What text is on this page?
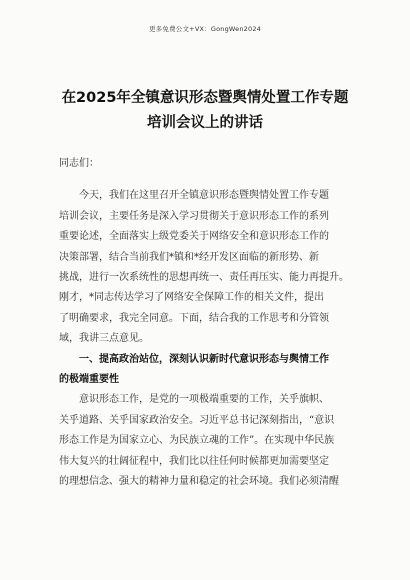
更多免费公文+VX：GongWen2024
在2025年全镇意识形态暨舆情处置工作专题
培训会议上的讲话

同志们：

今天，我们在这里召开全镇意识形态暨舆情处置工作专题
培训会议，主要任务是深入学习贯彻关于意识形态工作的系列
重要论述，全面落实上级党委关于网络安全和意识形态工作的
决策部署，结合当前我们*镇和*经开发区面临的新形势、新
挑战，进行一次系统性的思想再统一、责任再压实、能力再提升。
刚才，*同志传达学习了网络安全保障工作的相关文件，提出
了明确要求，我完全同意。下面，结合我的工作思考和分管领
域，我讲三点意见。
一、提高政治站位，深刻认识新时代意识形态与舆情工作
的极端重要性
意识形态工作，是党的一项极端重要的工作，关乎旗帜、
关乎道路、关乎国家政治安全。习近平总书记深刻指出，“意识
形态工作是为国家立心、为民族立魂的工作”。在实现中华民族
伟大复兴的壮阔征程中，我们比以往任何时候都更加需要坚定
的理想信念、强大的精神力量和稳定的社会环境。我们必须清醒
